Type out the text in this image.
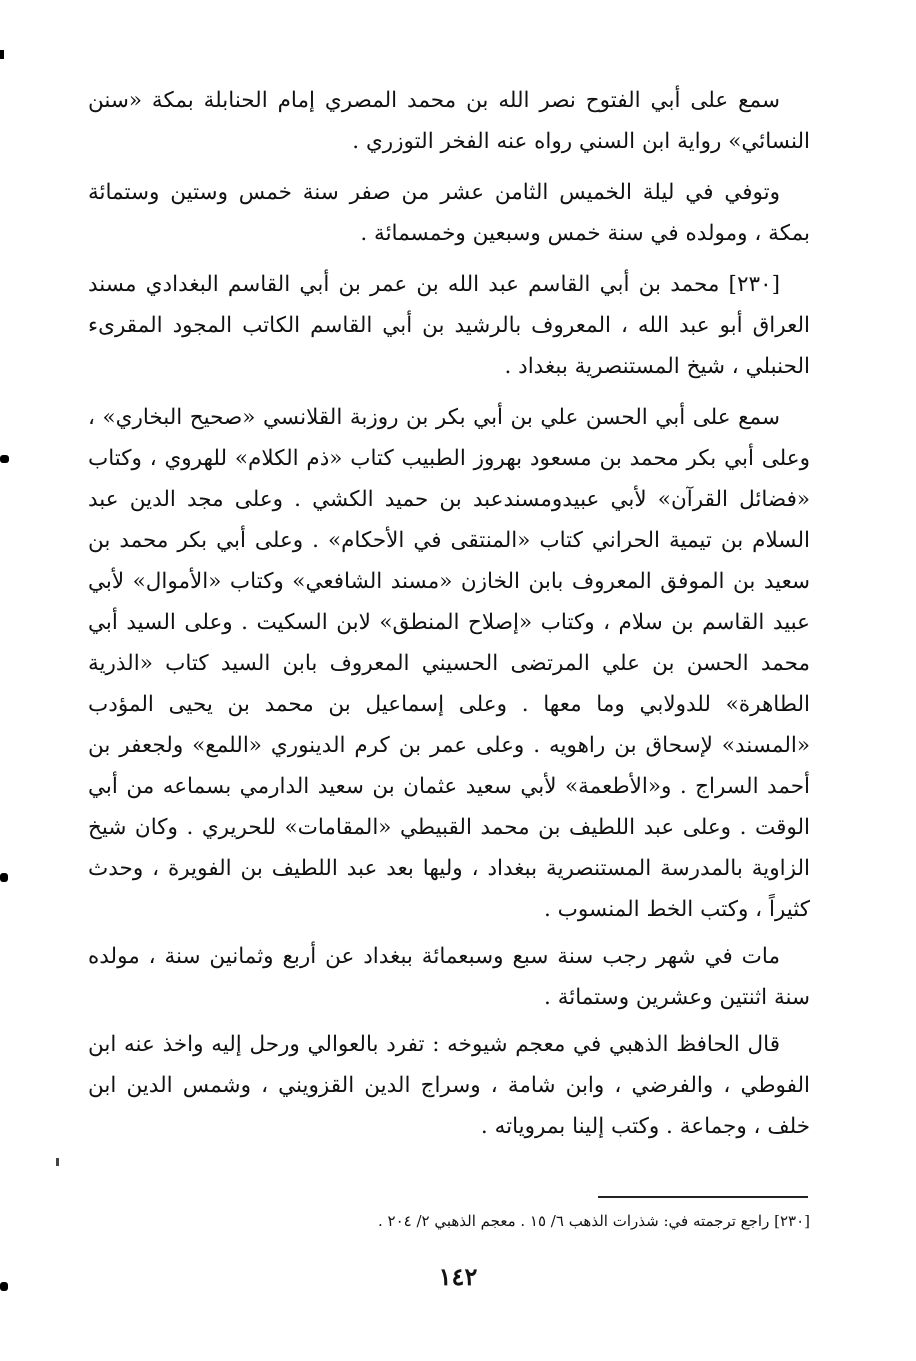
سمع على أبي الفتوح نصر الله بن محمد المصري إمام الحنابلة بمكة «سنن النسائي» رواية ابن السني رواه عنه الفخر التوزري .

وتوفي في ليلة الخميس الثامن عشر من صفر سنة خمس وستين وستمائة بمكة ، ومولده في سنة خمس وسبعين وخمسمائة .

[٢٣٠] محمد بن أبي القاسم عبد الله بن عمر بن أبي القاسم البغدادي مسند العراق أبو عبد الله ، المعروف بالرشيد بن أبي القاسم الكاتب المجود المقرىء الحنبلي ، شيخ المستنصرية ببغداد .

سمع على أبي الحسن علي بن أبي بكر بن روزبة القلانسي «صحيح البخاري» ، وعلى أبي بكر محمد بن مسعود بهروز الطبيب كتاب «ذم الكلام» للهروي ، وكتاب «فضائل القرآن» لأبي عبيدومسندعبد بن حميد الكشي . وعلى مجد الدين عبد السلام بن تيمية الحراني كتاب «المنتقى في الأحكام» . وعلى أبي بكر محمد بن سعيد بن الموفق المعروف بابن الخازن «مسند الشافعي» وكتاب «الأموال» لأبي عبيد القاسم بن سلام ، وكتاب «إصلاح المنطق» لابن السكيت . وعلى السيد أبي محمد الحسن بن علي المرتضى الحسيني المعروف بابن السيد كتاب «الذرية الطاهرة» للدولابي وما معها . وعلى إسماعيل بن محمد بن يحيى المؤدب «المسند» لإسحاق بن راهويه . وعلى عمر بن كرم الدينوري «اللمع» ولجعفر بن أحمد السراج . و«الأطعمة» لأبي سعيد عثمان بن سعيد الدارمي بسماعه من أبي الوقت . وعلى عبد اللطيف بن محمد القبيطي «المقامات» للحريري . وكان شيخ الزاوية بالمدرسة المستنصرية ببغداد ، وليها بعد عبد اللطيف بن الفويرة ، وحدث كثيراً ، وكتب الخط المنسوب .

مات في شهر رجب سنة سبع وسبعمائة ببغداد عن أربع وثمانين سنة ، مولده سنة اثنتين وعشرين وستمائة .

قال الحافظ الذهبي في معجم شيوخه : تفرد بالعوالي ورحل إليه واخذ عنه ابن الفوطي ، والفرضي ، وابن شامة ، وسراج الدين القزويني ، وشمس الدين ابن خلف ، وجماعة . وكتب إلينا بمروياته .

[٢٣٠] راجع ترجمته في: شذرات الذهب ٦/ ١٥ . معجم الذهبي ٢/ ٢٠٤ .
١٤٢
